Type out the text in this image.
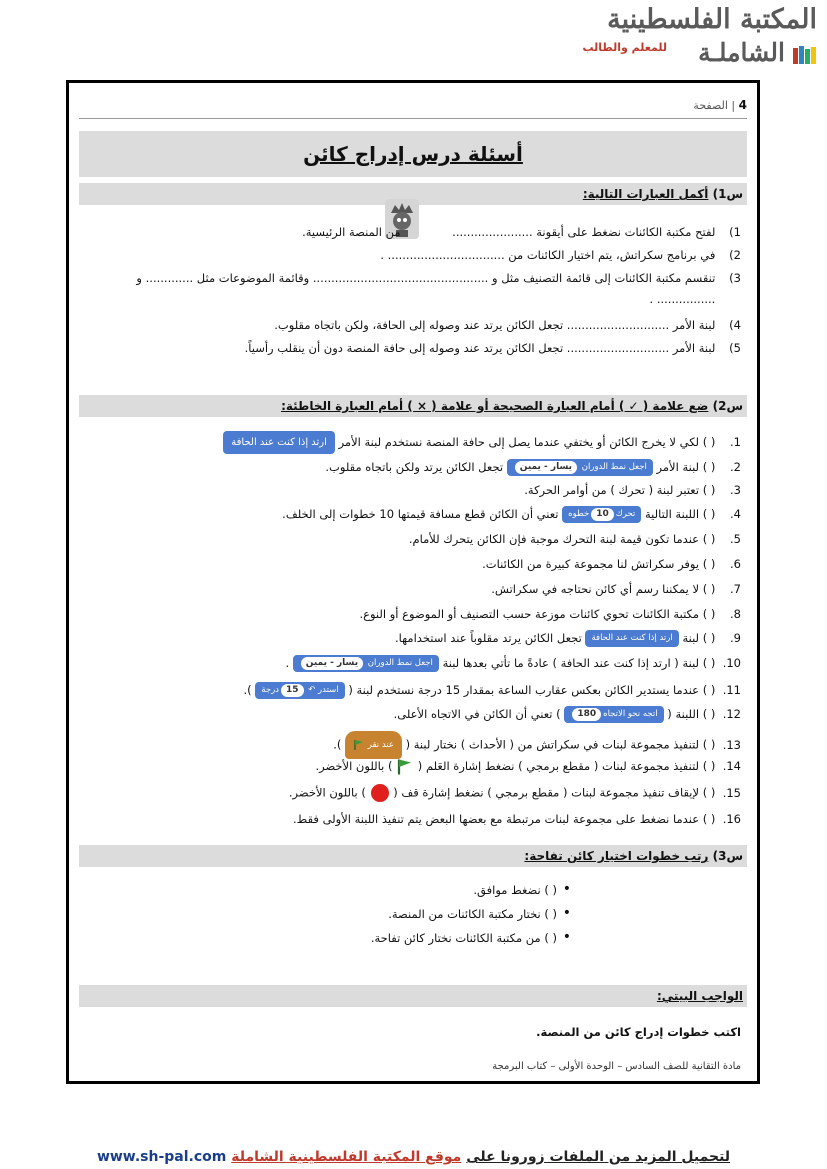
المكتبة الفلسطينية
الشاملـة
للمعلم والطالب
4 | الصفحة
أسئلة درس إدراج كائن
س1) أكمل العبارات التالية:
1) لفتح مكتبة الكائنات نضغط على أيقونة ...................... من المنصة الرئيسية.
2) في برنامج سكراتش، يتم اختيار الكائنات من ................................ .
3) تنقسم مكتبة الكائنات إلى قائمة التصنيف مثل و ................................................ وقائمة الموضوعات مثل ............. و
................ .
4) لبنة الأمر ............................ تجعل الكائن يرتد عند وصوله إلى الحافة، ولكن باتجاه مقلوب.
5) لبنة الأمر ............................ تجعل الكائن يرتد عند وصوله إلى حافة المنصة دون أن ينقلب رأسياً.
س2) ضع علامة ( ✓ ) أمام العبارة الصحيحة أو علامة ( × ) أمام العبارة الخاطئة:
1. ( ) لكي لا يخرج الكائن أو يختفي عندما يصل إلى حافة المنصة نستخدم لبنة الأمر ارتد إذا كنت عند الحافة
2. ( ) لبنة الأمر اجعل نمط الدوران يسار - يمين تجعل الكائن يرتد ولكن باتجاه مقلوب.
3. ( ) تعتبر لبنة ( تحرك ) من أوامر الحركة.
4. ( ) اللبنة التالية تحرك10خطوه تعني أن الكائن قطع مسافة قيمتها 10 خطوات إلى الخلف.
5. ( ) عندما تكون قيمة لبنة التحرك موجبة فإن الكائن يتحرك للأمام.
6. ( ) يوفر سكراتش لنا مجموعة كبيرة من الكائنات.
7. ( ) لا يمكننا رسم أي كائن نحتاجه في سكراتش.
8. ( ) مكتبة الكائنات تحوي كائنات موزعة حسب التصنيف أو الموضوع أو النوع.
9. ( ) لبنة ارتد إذا كنت عند الحافة تجعل الكائن يرتد مقلوباً عند استخدامها.
10. ( ) لبنة ( ارتد إذا كنت عند الحافة ) عادةً ما تأتي بعدها لبنة اجعل نمط الدوران يسار - يمين .
11. ( ) عندما يستدير الكائن بعكس عقارب الساعة بمقدار 15 درجة نستخدم لبنة ( استدر ↶ 15درجة ).
12. ( ) اللبنة ( اتجه نحو الاتجاه180 ) تعني أن الكائن في الاتجاه الأعلى.
13. ( ) لتنفيذ مجموعة لبنات في سكراتش من ( الأحداث ) نختار لبنة ( عند نقر  ).
14. ( ) لتنفيذ مجموعة لبنات ( مقطع برمجي ) نضغط إشارة العَلم (  ) باللون الأخضر.
15. ( ) لإيقاف تنفيذ مجموعة لبنات ( مقطع برمجي ) نضغط إشارة قف (  ) باللون الأخضر.
16. ( ) عندما نضغط على مجموعة لبنات مرتبطة مع بعضها البعض يتم تنفيذ اللبنة الأولى فقط.
س3) رتب خطوات اختيار كائن تفاحة:
• ( ) نضغط موافق.
• ( ) نختار مكتبة الكائنات من المنصة.
• ( ) من مكتبة الكائنات نختار كائن تفاحة.
الواجب البيتي:
اكتب خطوات إدراج كائن من المنصة.
مادة التقانية للصف السادس – الوحدة الأولى – كتاب البرمجة
لتحميل المزيد من الملفات زورونا على موقع المكتبة الفلسطينية الشاملة www.sh-pal.com
